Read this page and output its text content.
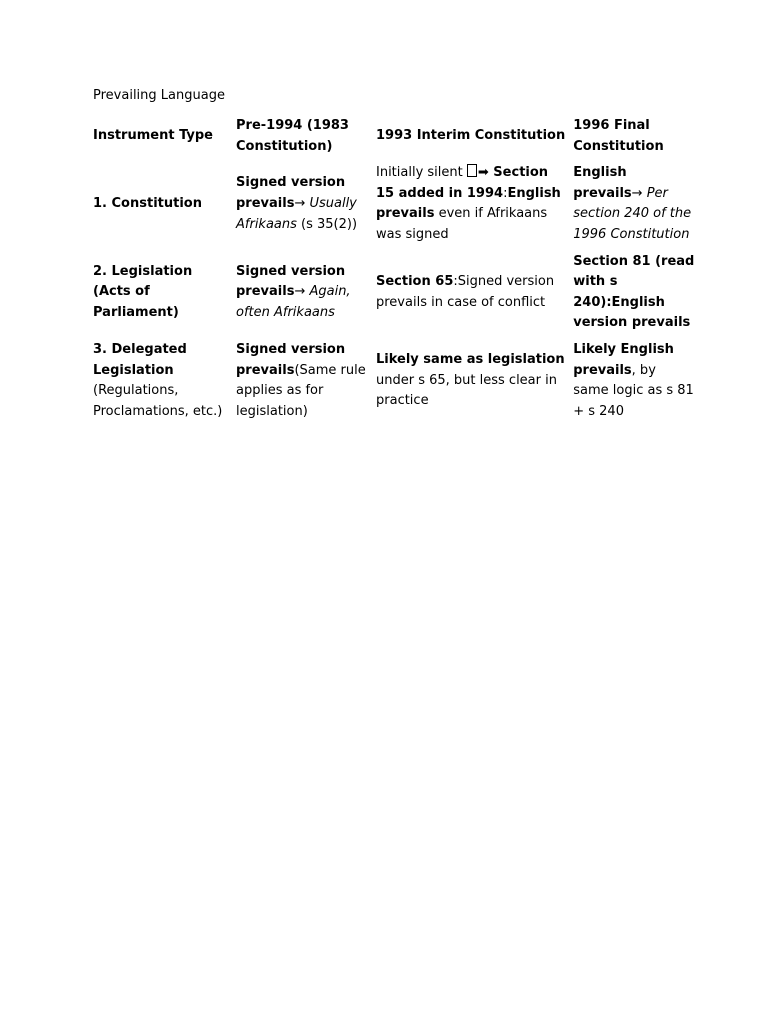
Prevailing Language
Instrument Type	Pre-1994 (1983 Constitution)	1993 Interim Constitution	1996 Final Constitution
1. Constitution	Signed version prevails→ Usually Afrikaans (s 35(2))	Initially silent ➡ Section 15 added in 1994:English prevails even if Afrikaans was signed	English prevails→ Per section 240 of the 1996 Constitution
2. Legislation (Acts of Parliament)	Signed version prevails→ Again, often Afrikaans	Section 65:Signed version prevails in case of conflict	Section 81 (read with s 240):English version prevails
3. Delegated Legislation (Regulations, Proclamations, etc.)	Signed version prevails(Same rule applies as for legislation)	Likely same as legislation under s 65, but less clear in practice	Likely English prevails, by same logic as s 81 + s 240
